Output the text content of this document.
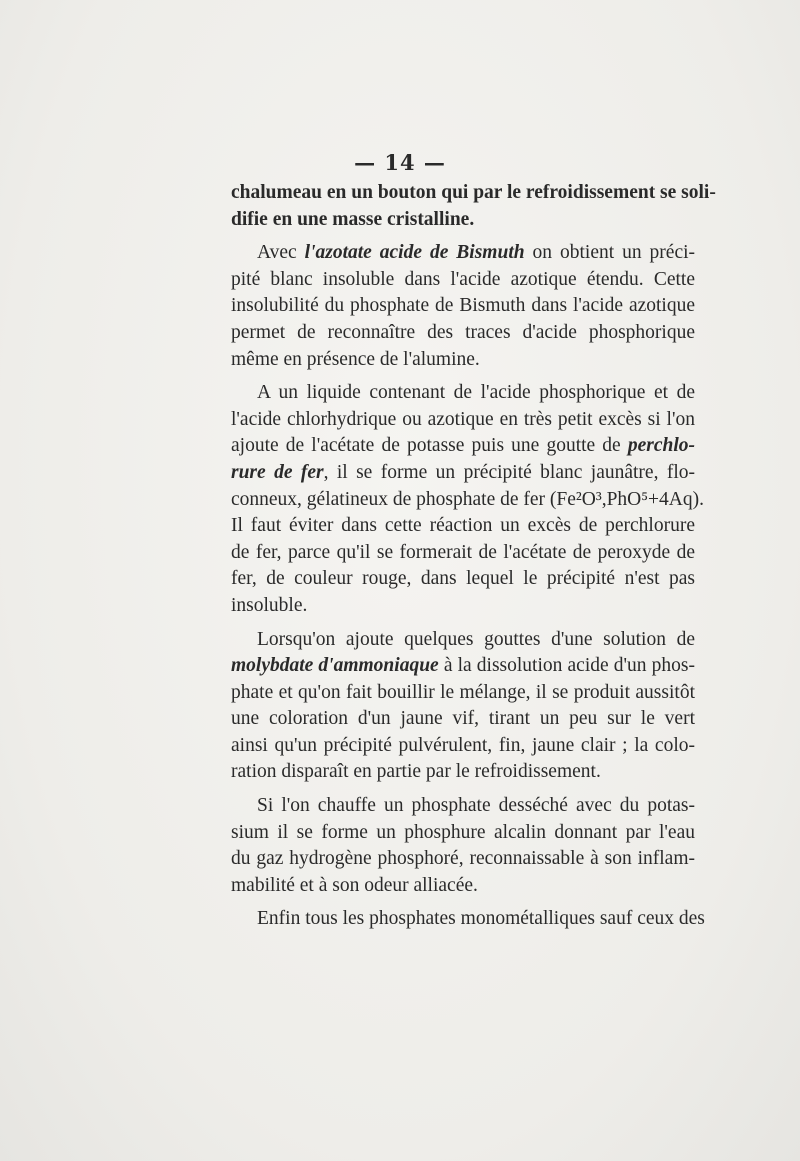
— 14 —
chalumeau en un bouton qui par le refroidissement se soli-
difie en une masse cristalline.
Avec l'azotate acide de Bismuth on obtient un préci-
pité blanc insoluble dans l'acide azotique étendu. Cette
insolubilité du phosphate de Bismuth dans l'acide azotique
permet de reconnaître des traces d'acide phosphorique
même en présence de l'alumine.
A un liquide contenant de l'acide phosphorique et de
l'acide chlorhydrique ou azotique en très petit excès si l'on
ajoute de l'acétate de potasse puis une goutte de perchlo-
rure de fer, il se forme un précipité blanc jaunâtre, flo-
conneux, gélatineux de phosphate de fer (Fe²O³,PhO⁵+4Aq).
Il faut éviter dans cette réaction un excès de perchlorure
de fer, parce qu'il se formerait de l'acétate de peroxyde de
fer, de couleur rouge, dans lequel le précipité n'est pas
insoluble.
Lorsqu'on ajoute quelques gouttes d'une solution de
molybdate d'ammoniaque à la dissolution acide d'un phos-
phate et qu'on fait bouillir le mélange, il se produit aussitôt
une coloration d'un jaune vif, tirant un peu sur le vert
ainsi qu'un précipité pulvérulent, fin, jaune clair ; la colo-
ration disparaît en partie par le refroidissement.
Si l'on chauffe un phosphate desséché avec du potas-
sium il se forme un phosphure alcalin donnant par l'eau
du gaz hydrogène phosphoré, reconnaissable à son inflam-
mabilité et à son odeur alliacée.
Enfin tous les phosphates monométalliques sauf ceux des
